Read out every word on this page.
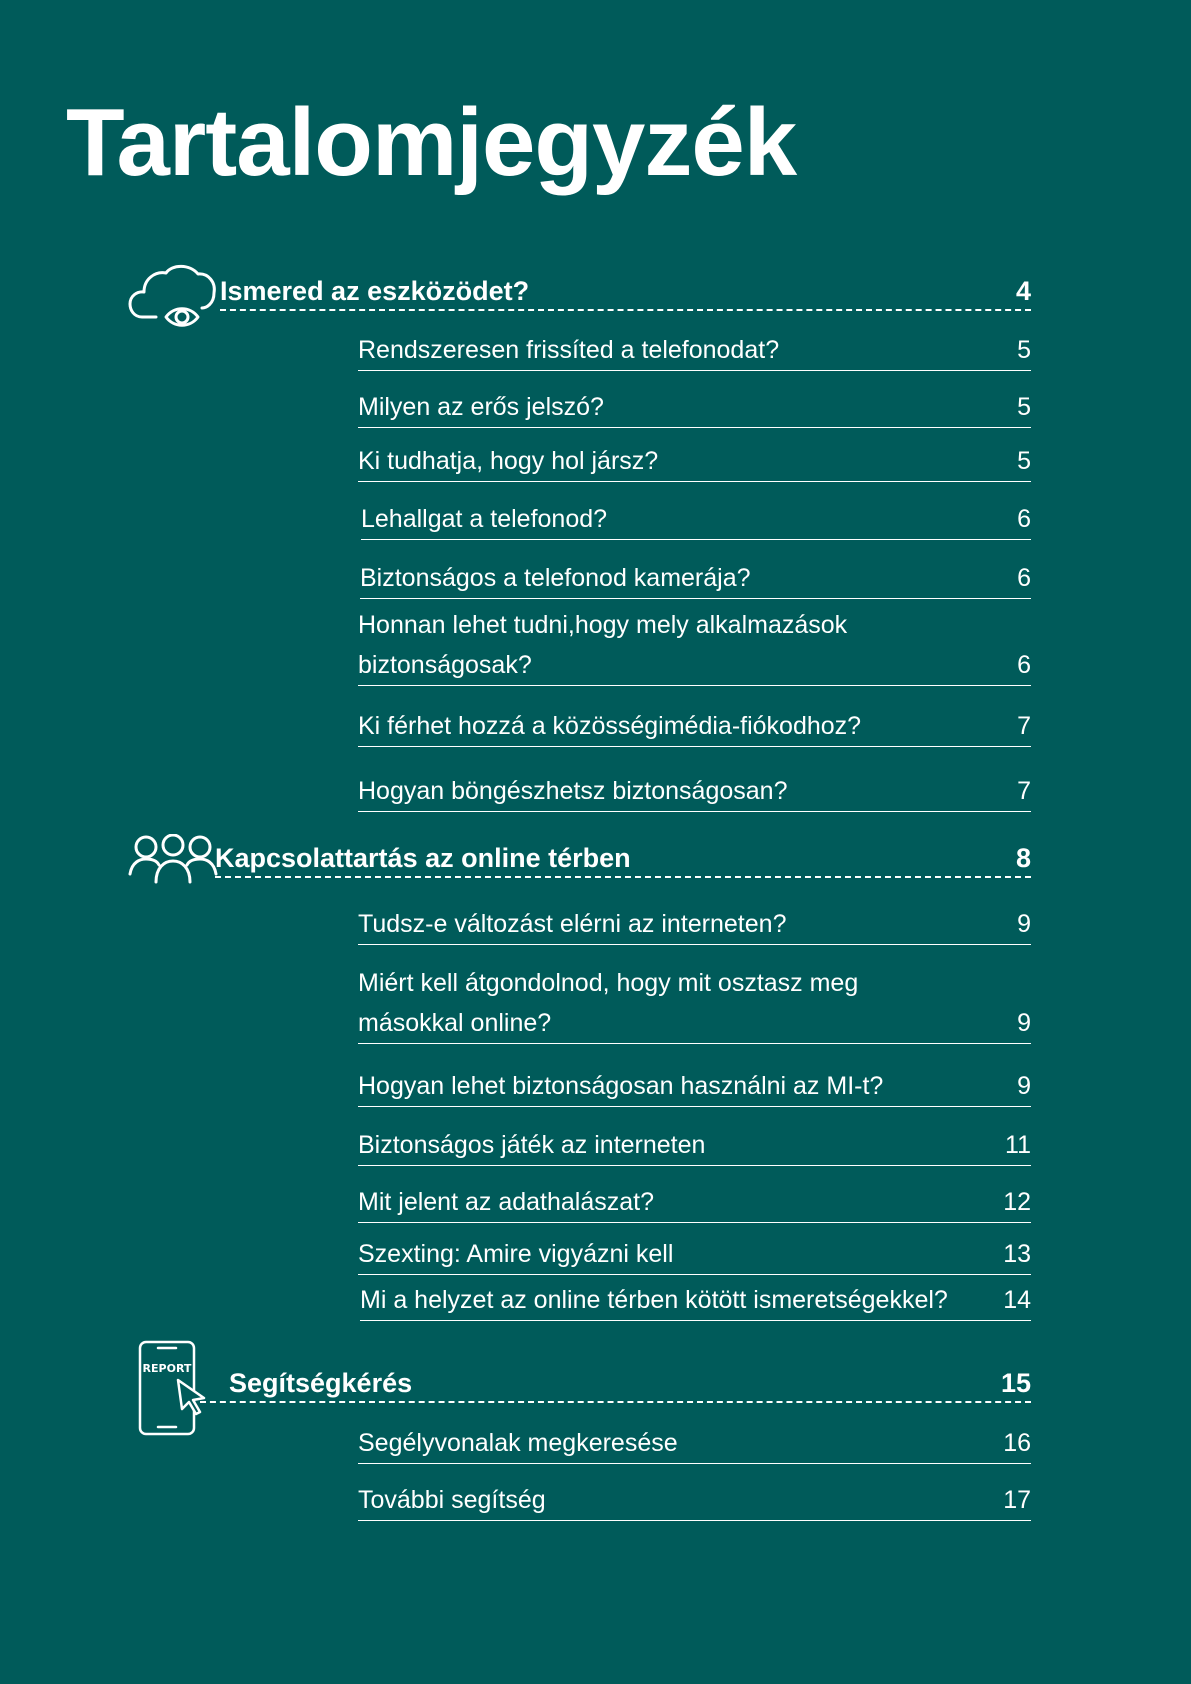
Tartalomjegyzék
REPORT
Ismered az eszközödet?	4
Rendszeresen frissíted a telefonodat?	5
Milyen az erős jelszó?	5
Ki tudhatja, hogy hol jársz?	5
Lehallgat a telefonod?	6
Biztonságos a telefonod kamerája?	6
Honnan lehet tudni,hogy mely alkalmazások biztonságosak?	6
Ki férhet hozzá a közösségimédia-fiókodhoz?	7
Hogyan böngészhetsz biztonságosan?	7
Kapcsolattartás az online térben	8
Tudsz-e változást elérni az interneten?	9
Miért kell átgondolnod, hogy mit osztasz meg másokkal online?	9
Hogyan lehet biztonságosan használni az MI-t?	9
Biztonságos játék az interneten	11
Mit jelent az adathalászat?	12
Szexting: Amire vigyázni kell	13
Mi a helyzet az online térben kötött ismeretségekkel? 14
Segítségkérés	15
Segélyvonalak megkeresése	16
További segítség	17
